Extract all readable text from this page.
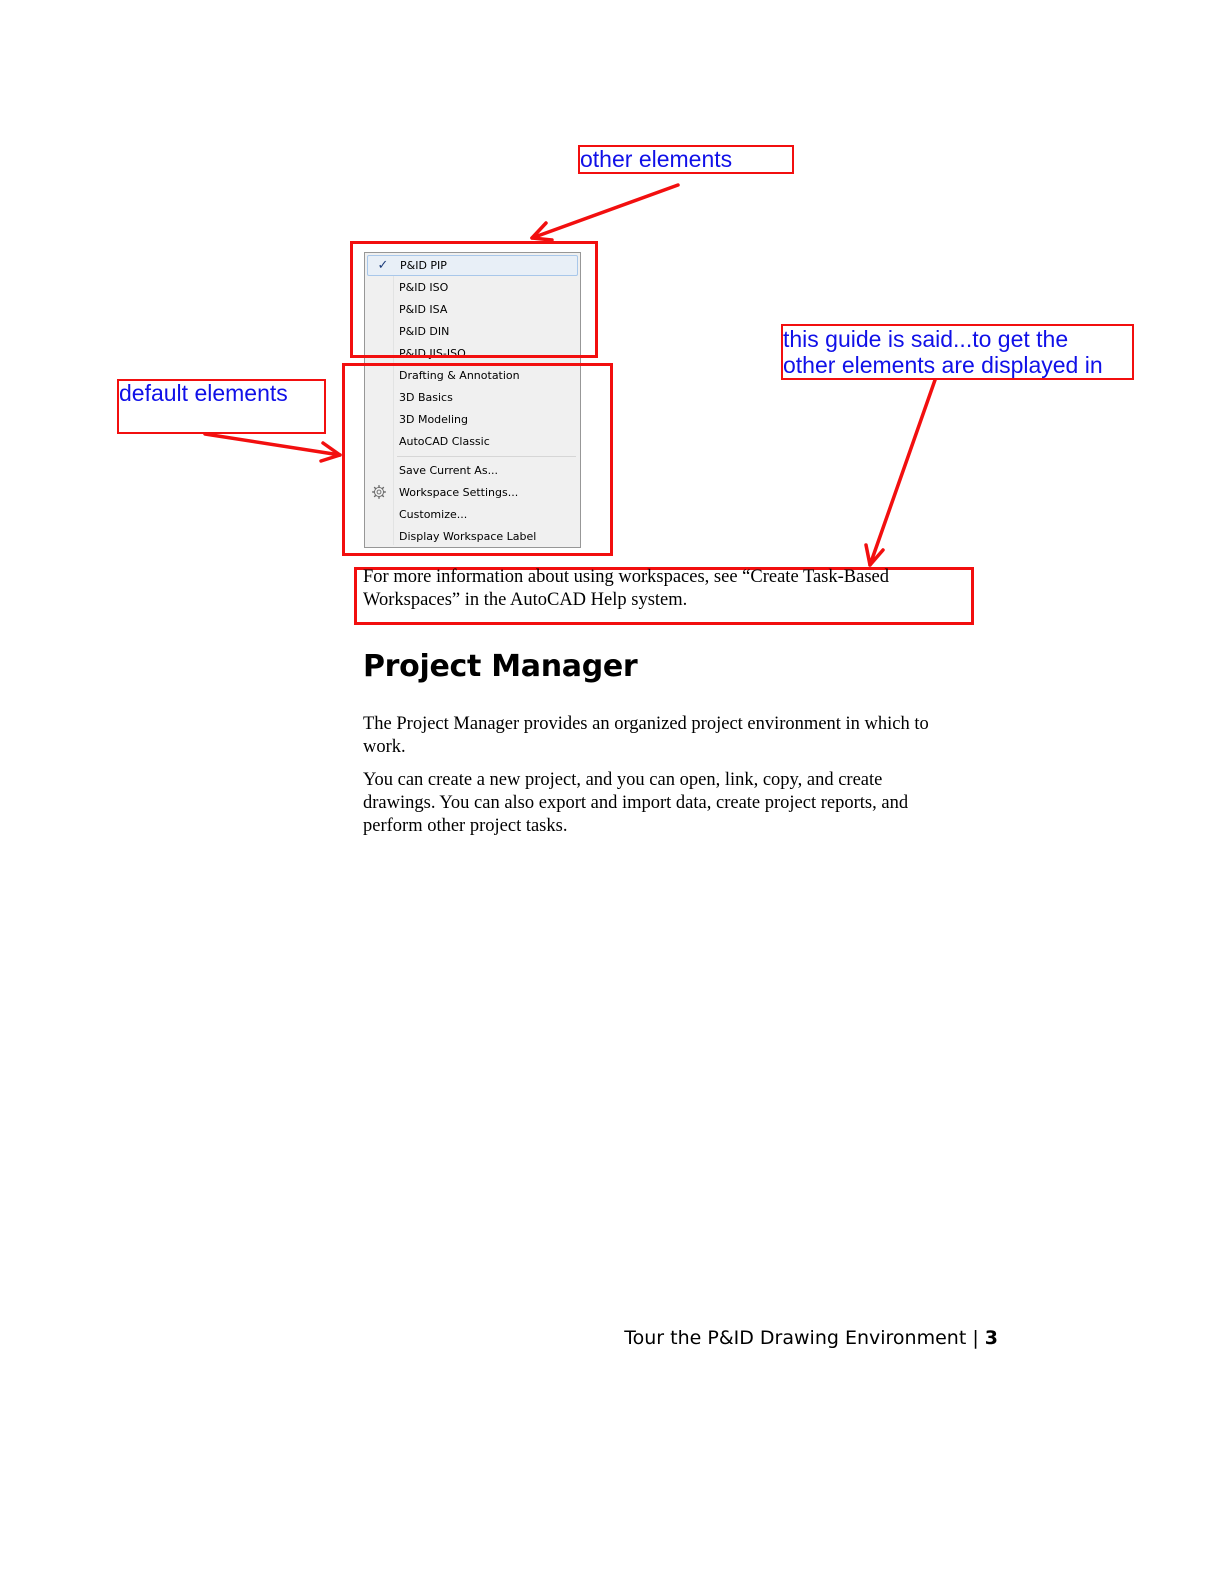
✓ P&ID PIP
P&ID ISO
P&ID ISA
P&ID DIN
P&ID JIS-ISO
Drafting & Annotation
3D Basics
3D Modeling
AutoCAD Classic
Save Current As...
Workspace Settings...
Customize...
Display Workspace Label
other elements
default elements
this guide is said...to get the
other elements are displayed in
For more information about using workspaces, see “Create Task-Based
Workspaces” in the AutoCAD Help system.
Project Manager
The Project Manager provides an organized project environment in which to
work.
You can create a new project, and you can open, link, copy, and create
drawings. You can also export and import data, create project reports, and
perform other project tasks.
Tour the P&ID Drawing Environment | 3
